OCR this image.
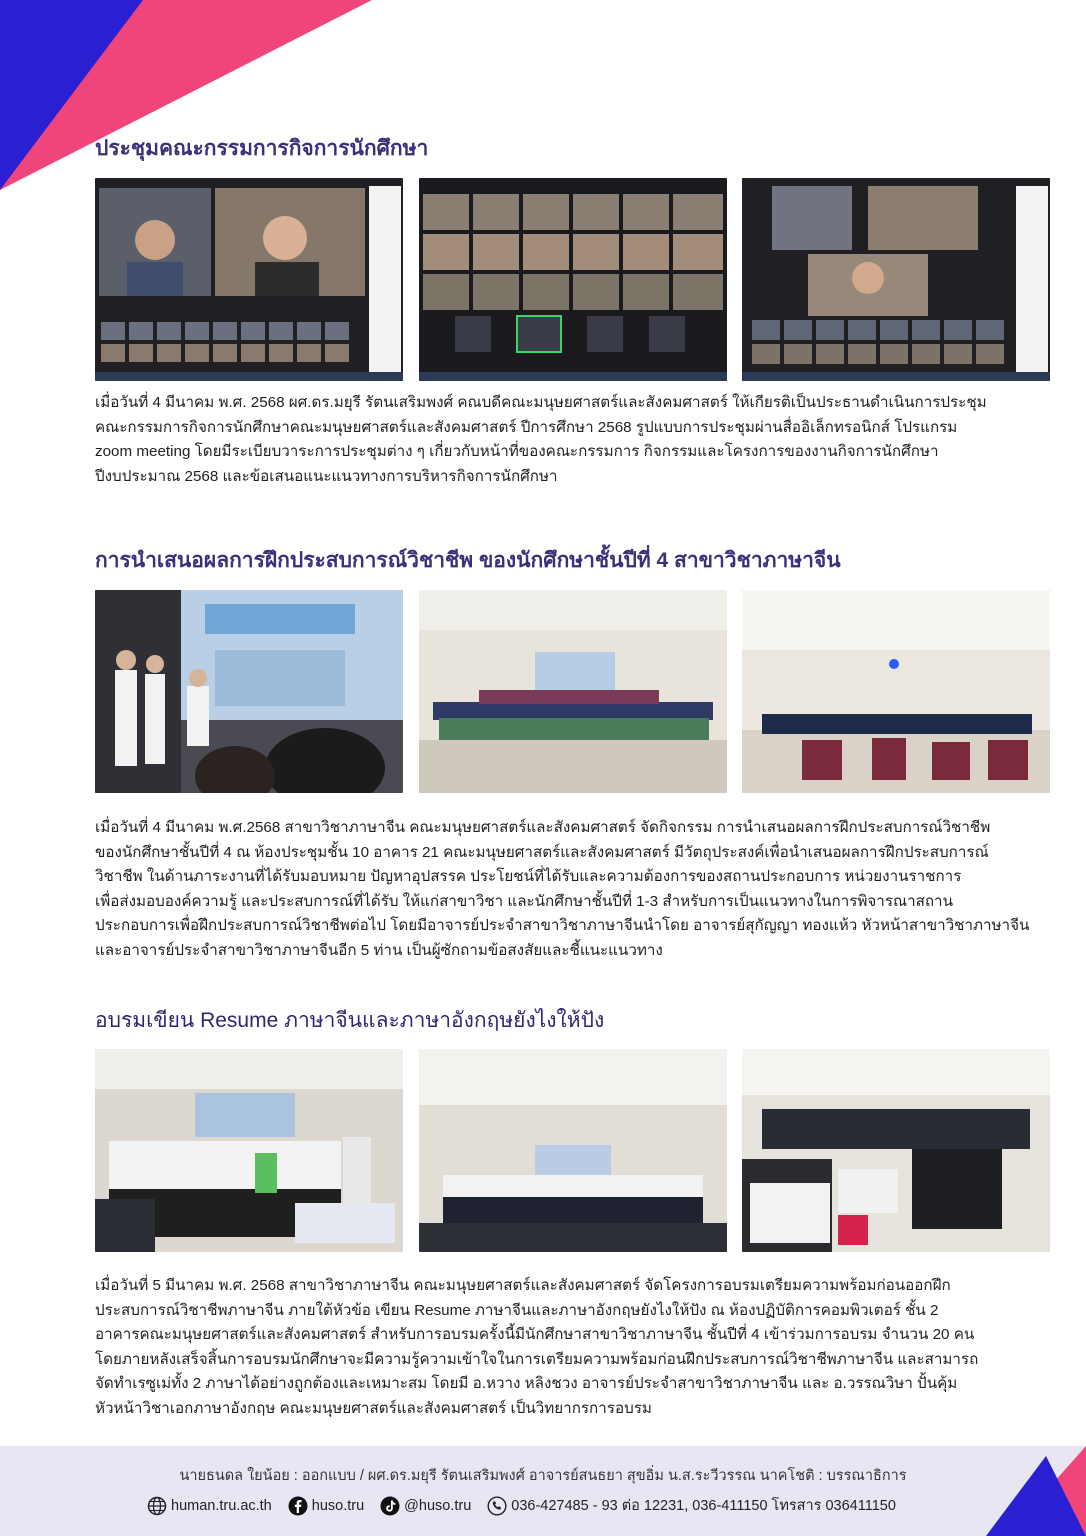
ประชุมคณะกรรมการกิจการนักศึกษา

เมื่อวันที่ 4 มีนาคม พ.ศ. 2568 ผศ.ดร.มยุรี รัตนเสริมพงศ์ คณบดีคณะมนุษยศาสตร์และสังคมศาสตร์ ให้เกียรติเป็นประธานดำเนินการประชุม
คณะกรรมการกิจการนักศึกษาคณะมนุษยศาสตร์และสังคมศาสตร์ ปีการศึกษา 2568 รูปแบบการประชุมผ่านสื่ออิเล็กทรอนิกส์ โปรแกรม
zoom meeting โดยมีระเบียบวาระการประชุมต่าง ๆ เกี่ยวกับหน้าที่ของคณะกรรมการ กิจกรรมและโครงการของงานกิจการนักศึกษา
ปีงบประมาณ 2568 และข้อเสนอแนะแนวทางการบริหารกิจการนักศึกษา

การนำเสนอผลการฝึกประสบการณ์วิชาชีพ ของนักศึกษาชั้นปีที่ 4 สาขาวิชาภาษาจีน

เมื่อวันที่ 4 มีนาคม พ.ศ.2568 สาขาวิชาภาษาจีน คณะมนุษยศาสตร์และสังคมศาสตร์ จัดกิจกรรม การนำเสนอผลการฝึกประสบการณ์วิชาชีพ
ของนักศึกษาชั้นปีที่ 4 ณ ห้องประชุมชั้น 10 อาคาร 21 คณะมนุษยศาสตร์และสังคมศาสตร์ มีวัตถุประสงค์เพื่อนำเสนอผลการฝึกประสบการณ์
วิชาชีพ ในด้านภาระงานที่ได้รับมอบหมาย ปัญหาอุปสรรค ประโยชน์ที่ได้รับและความต้องการของสถานประกอบการ หน่วยงานราชการ
เพื่อส่งมอบองค์ความรู้ และประสบการณ์ที่ได้รับ ให้แก่สาขาวิชา และนักศึกษาชั้นปีที่ 1-3 สำหรับการเป็นแนวทางในการพิจารณาสถาน
ประกอบการเพื่อฝึกประสบการณ์วิชาชีพต่อไป โดยมีอาจารย์ประจำสาขาวิชาภาษาจีนนำโดย อาจารย์สุกัญญา ทองแห้ว หัวหน้าสาขาวิชาภาษาจีน
และอาจารย์ประจำสาขาวิชาภาษาจีนอีก 5 ท่าน เป็นผู้ซักถามข้อสงสัยและชี้แนะแนวทาง

อบรมเขียน Resume ภาษาจีนและภาษาอังกฤษยังไงให้ปัง

เมื่อวันที่ 5 มีนาคม พ.ศ. 2568 สาขาวิชาภาษาจีน คณะมนุษยศาสตร์และสังคมศาสตร์ จัดโครงการอบรมเตรียมความพร้อมก่อนออกฝึก
ประสบการณ์วิชาชีพภาษาจีน ภายใต้หัวข้อ เขียน Resume ภาษาจีนและภาษาอังกฤษยังไงให้ปัง ณ ห้องปฏิบัติการคอมพิวเตอร์ ชั้น 2
อาคารคณะมนุษยศาสตร์และสังคมศาสตร์ สำหรับการอบรมครั้งนี้มีนักศึกษาสาขาวิชาภาษาจีน ชั้นปีที่ 4 เข้าร่วมการอบรม จำนวน 20 คน
โดยภายหลังเสร็จสิ้นการอบรมนักศึกษาจะมีความรู้ความเข้าใจในการเตรียมความพร้อมก่อนฝึกประสบการณ์วิชาชีพภาษาจีน และสามารถ
จัดทำเรซูเม่ทั้ง 2 ภาษาได้อย่างถูกต้องและเหมาะสม โดยมี อ.หวาง หลิงชวง อาจารย์ประจำสาขาวิชาภาษาจีน และ อ.วรรณวิษา ปั้นคุ้ม
หัวหน้าวิชาเอกภาษาอังกฤษ คณะมนุษยศาสตร์และสังคมศาสตร์ เป็นวิทยากรการอบรม

นายธนดล ใยน้อย : ออกแบบ / ผศ.ดร.มยุรี รัตนเสริมพงศ์ อาจารย์สนธยา สุขอิ่ม น.ส.ระวีวรรณ นาคโชติ : บรรณาธิการ
human.tru.ac.th	huso.tru	@huso.tru	036-427485 - 93 ต่อ 12231, 036-411150 โทรสาร 036411150
